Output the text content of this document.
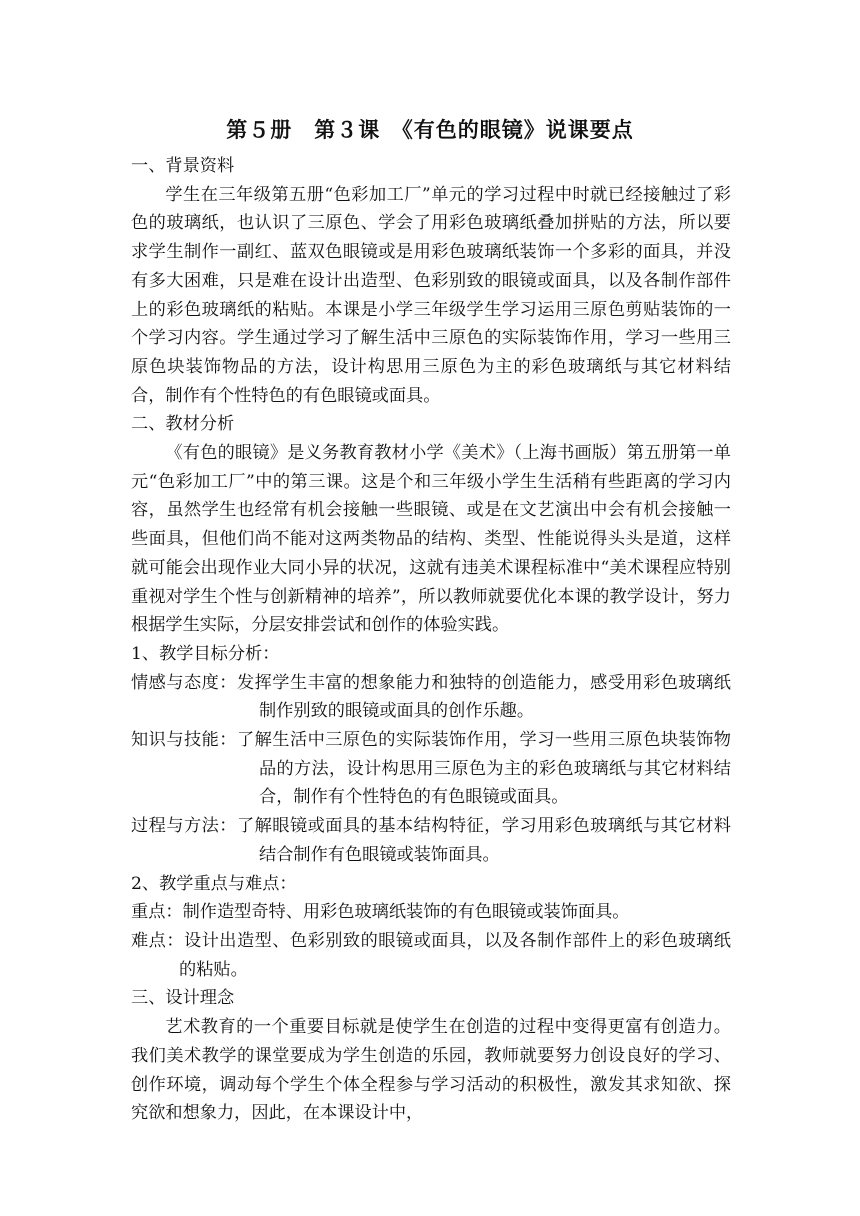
第５册　第３课　《有色的眼镜》说课要点

一、背景资料

学生在三年级第五册“色彩加工厂”单元的学习过程中时就已经接触过了彩色的玻璃纸，也认识了三原色、学会了用彩色玻璃纸叠加拼贴的方法，所以要求学生制作一副红、蓝双色眼镜或是用彩色玻璃纸装饰一个多彩的面具，并没有多大困难，只是难在设计出造型、色彩别致的眼镜或面具，以及各制作部件上的彩色玻璃纸的粘贴。本课是小学三年级学生学习运用三原色剪贴装饰的一个学习内容。学生通过学习了解生活中三原色的实际装饰作用，学习一些用三原色块装饰物品的方法，设计构思用三原色为主的彩色玻璃纸与其它材料结合，制作有个性特色的有色眼镜或面具。

二、教材分析

《有色的眼镜》是义务教育教材小学《美术》（上海书画版）第五册第一单元“色彩加工厂”中的第三课。这是个和三年级小学生生活稍有些距离的学习内容，虽然学生也经常有机会接触一些眼镜、或是在文艺演出中会有机会接触一些面具，但他们尚不能对这两类物品的结构、类型、性能说得头头是道，这样就可能会出现作业大同小异的状况，这就有违美术课程标准中“美术课程应特别重视对学生个性与创新精神的培养”，所以教师就要优化本课的教学设计，努力根据学生实际，分层安排尝试和创作的体验实践。

1、教学目标分析：

情感与态度：发挥学生丰富的想象能力和独特的创造能力，感受用彩色玻璃纸制作别致的眼镜或面具的创作乐趣。

知识与技能：了解生活中三原色的实际装饰作用，学习一些用三原色块装饰物品的方法，设计构思用三原色为主的彩色玻璃纸与其它材料结合，制作有个性特色的有色眼镜或面具。

过程与方法：了解眼镜或面具的基本结构特征，学习用彩色玻璃纸与其它材料结合制作有色眼镜或装饰面具。

2、教学重点与难点：

重点：制作造型奇特、用彩色玻璃纸装饰的有色眼镜或装饰面具。

难点：设计出造型、色彩别致的眼镜或面具，以及各制作部件上的彩色玻璃纸的粘贴。

三、设计理念

艺术教育的一个重要目标就是使学生在创造的过程中变得更富有创造力。我们美术教学的课堂要成为学生创造的乐园，教师就要努力创设良好的学习、创作环境，调动每个学生个体全程参与学习活动的积极性，激发其求知欲、探究欲和想象力，因此，在本课设计中，
